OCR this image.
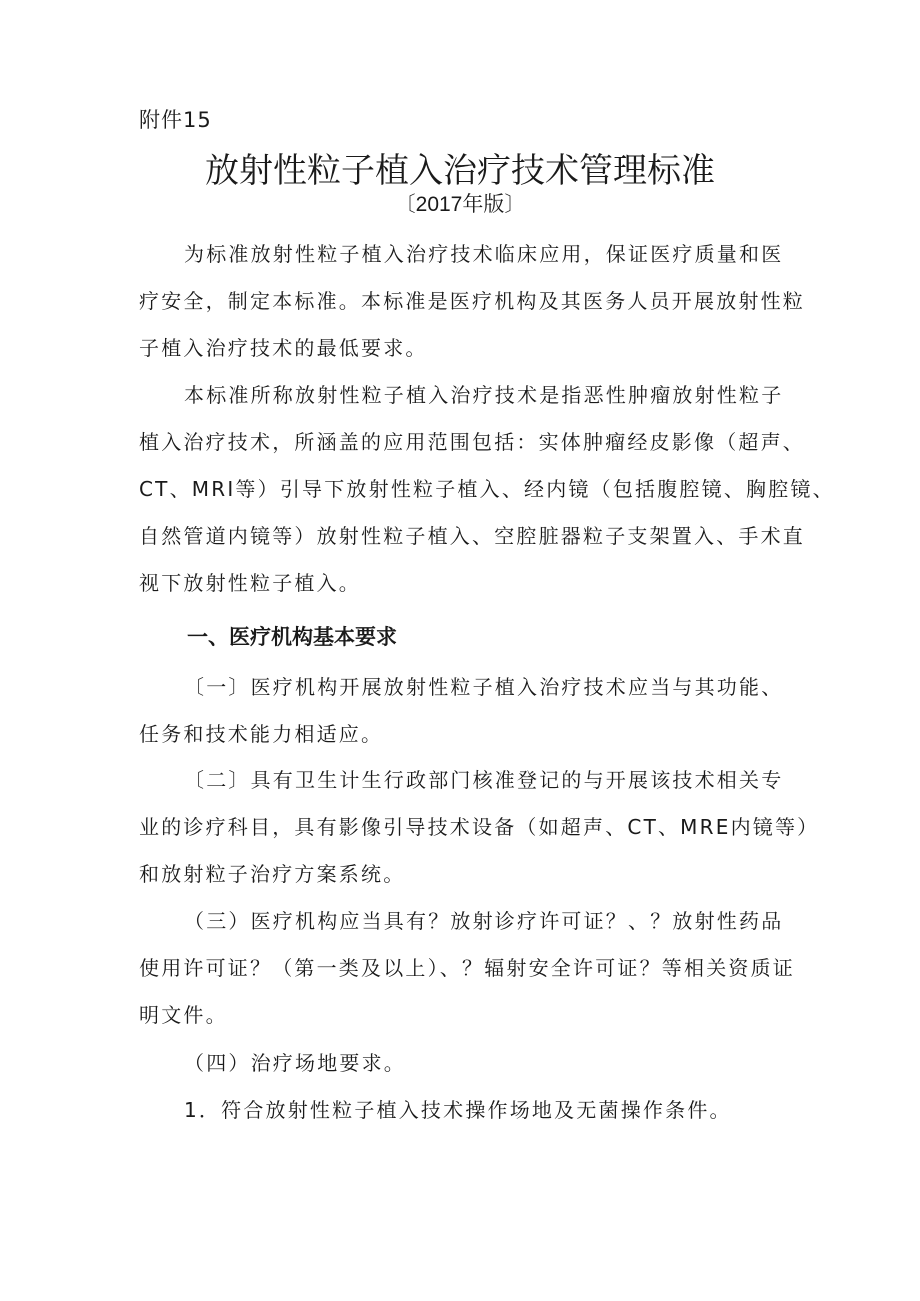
附件15
放射性粒子植入治疗技术管理标准
〔2017年版〕
为标准放射性粒子植入治疗技术临床应用，保证医疗质量和医
疗安全，制定本标准。本标准是医疗机构及其医务人员开展放射性粒
子植入治疗技术的最低要求。
本标准所称放射性粒子植入治疗技术是指恶性肿瘤放射性粒子
植入治疗技术，所涵盖的应用范围包括：实体肿瘤经皮影像（超声、
CT、MRI等）引导下放射性粒子植入、经内镜（包括腹腔镜、胸腔镜、
自然管道内镜等）放射性粒子植入、空腔脏器粒子支架置入、手术直
视下放射性粒子植入。
一、医疗机构基本要求
〔一〕医疗机构开展放射性粒子植入治疗技术应当与其功能、
任务和技术能力相适应。
〔二〕具有卫生计生行政部门核准登记的与开展该技术相关专
业的诊疗科目，具有影像引导技术设备（如超声、CT、MRE内镜等）
和放射粒子治疗方案系统。
（三）医疗机构应当具有？放射诊疗许可证？、？放射性药品
使用许可证？（第一类及以上）、？辐射安全许可证？等相关资质证
明文件。
（四）治疗场地要求。
1．符合放射性粒子植入技术操作场地及无菌操作条件。
